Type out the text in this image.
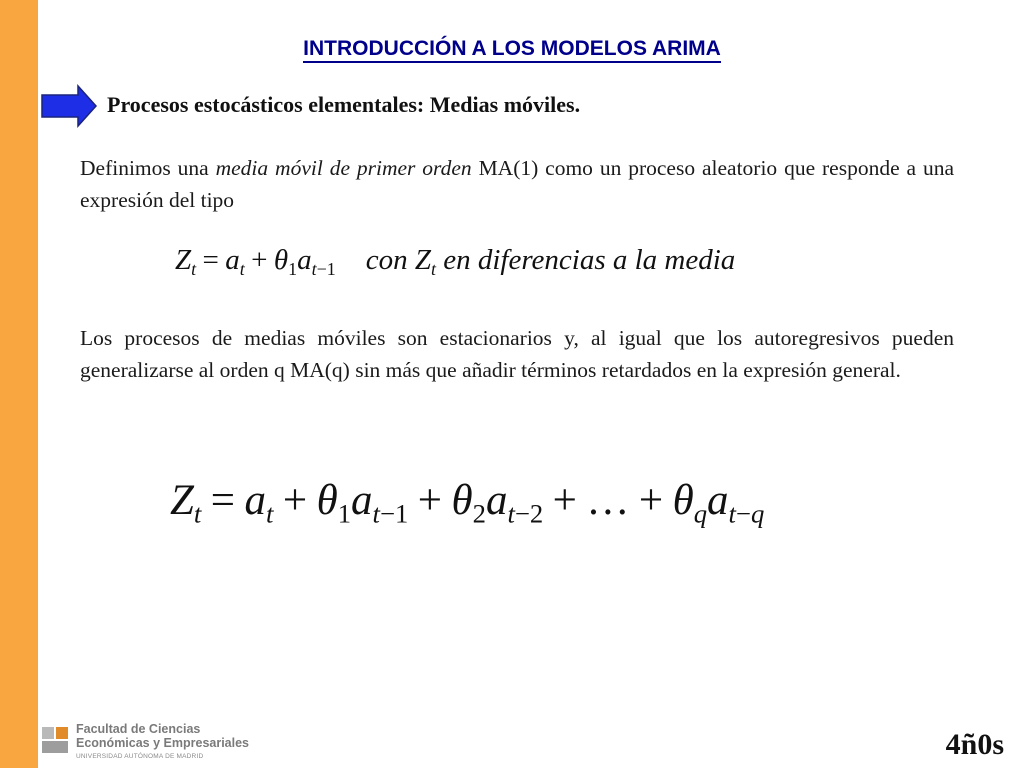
INTRODUCCIÓN A LOS MODELOS ARIMA
Procesos estocásticos elementales: Medias móviles.
Definimos una media móvil de primer orden MA(1) como un proceso aleatorio que responde a una expresión del tipo
$Z_t = a_t + \theta_1a_{t-1}$ con $Z_t$ en diferencias a la media
Los procesos de medias móviles son estacionarios y, al igual que los autoregresivos pueden generalizarse al orden q MA(q) sin más que añadir términos retardados en la expresión general.
$Z_t = a_t + \theta_1a_{t-1} + \theta_2a_{t-2}$ + … + $\theta_qa_{t-q}$
Facultad de Ciencias
Económicas y Empresariales
UNIVERSIDAD AUTÓNOMA DE MADRID	4ñ0s
